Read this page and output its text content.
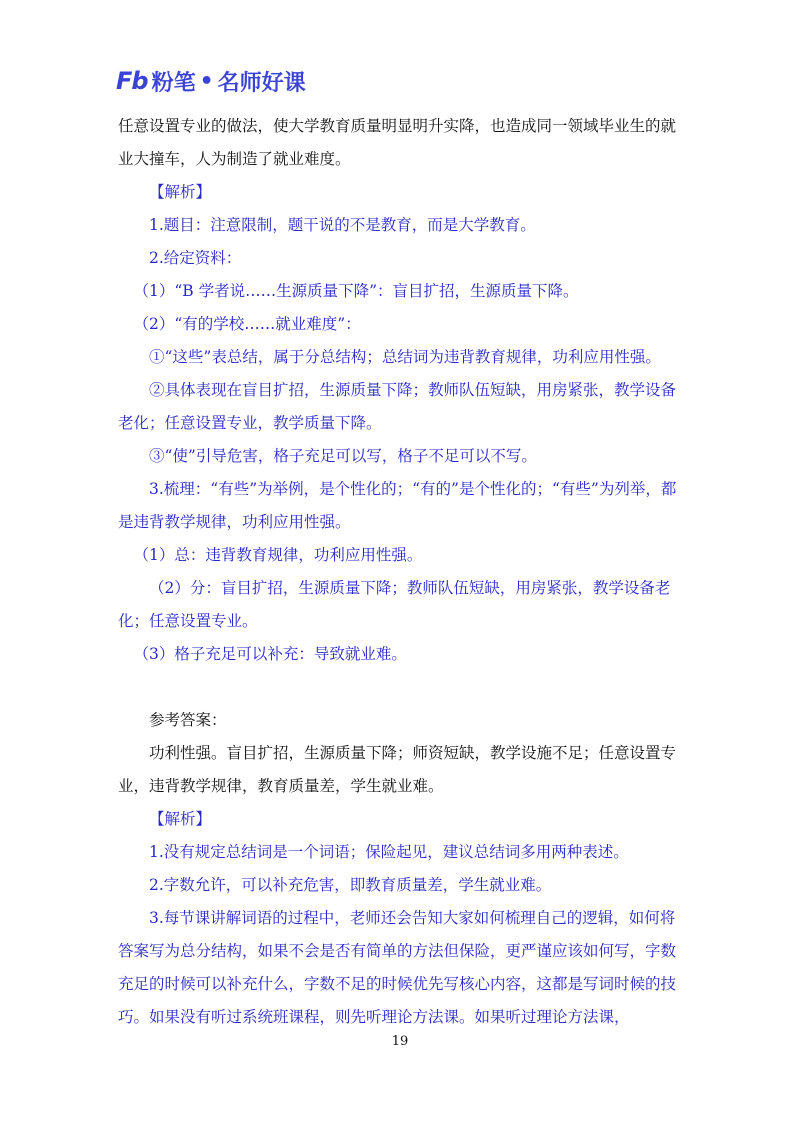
Fb 粉笔 • 名师好课

任意设置专业的做法，使大学教育质量明显明升实降，也造成同一领域毕业生的就业大撞车，人为制造了就业难度。

【解析】

1.题目：注意限制，题干说的不是教育，而是大学教育。

2.给定资料：

（1）“B 学者说……生源质量下降”：盲目扩招，生源质量下降。

（2）“有的学校……就业难度”：

①“这些”表总结，属于分总结构；总结词为违背教育规律，功利应用性强。

②具体表现在盲目扩招，生源质量下降；教师队伍短缺，用房紧张，教学设备老化；任意设置专业，教学质量下降。

③“使”引导危害，格子充足可以写，格子不足可以不写。

3.梳理：“有些”为举例，是个性化的；“有的”是个性化的；“有些”为列举，都是违背教学规律，功利应用性强。

（1）总：违背教育规律，功利应用性强。

（2）分：盲目扩招，生源质量下降；教师队伍短缺，用房紧张，教学设备老化；任意设置专业。

（3）格子充足可以补充：导致就业难。

参考答案：

功利性强。盲目扩招，生源质量下降；师资短缺，教学设施不足；任意设置专业，违背教学规律，教育质量差，学生就业难。

【解析】

1.没有规定总结词是一个词语；保险起见，建议总结词多用两种表述。

2.字数允许，可以补充危害，即教育质量差，学生就业难。

3.每节课讲解词语的过程中，老师还会告知大家如何梳理自己的逻辑，如何将答案写为总分结构，如果不会是否有简单的方法但保险，更严谨应该如何写，字数充足的时候可以补充什么，字数不足的时候优先写核心内容，这都是写词时候的技巧。如果没有听过系统班课程，则先听理论方法课。如果听过理论方法课，

19
